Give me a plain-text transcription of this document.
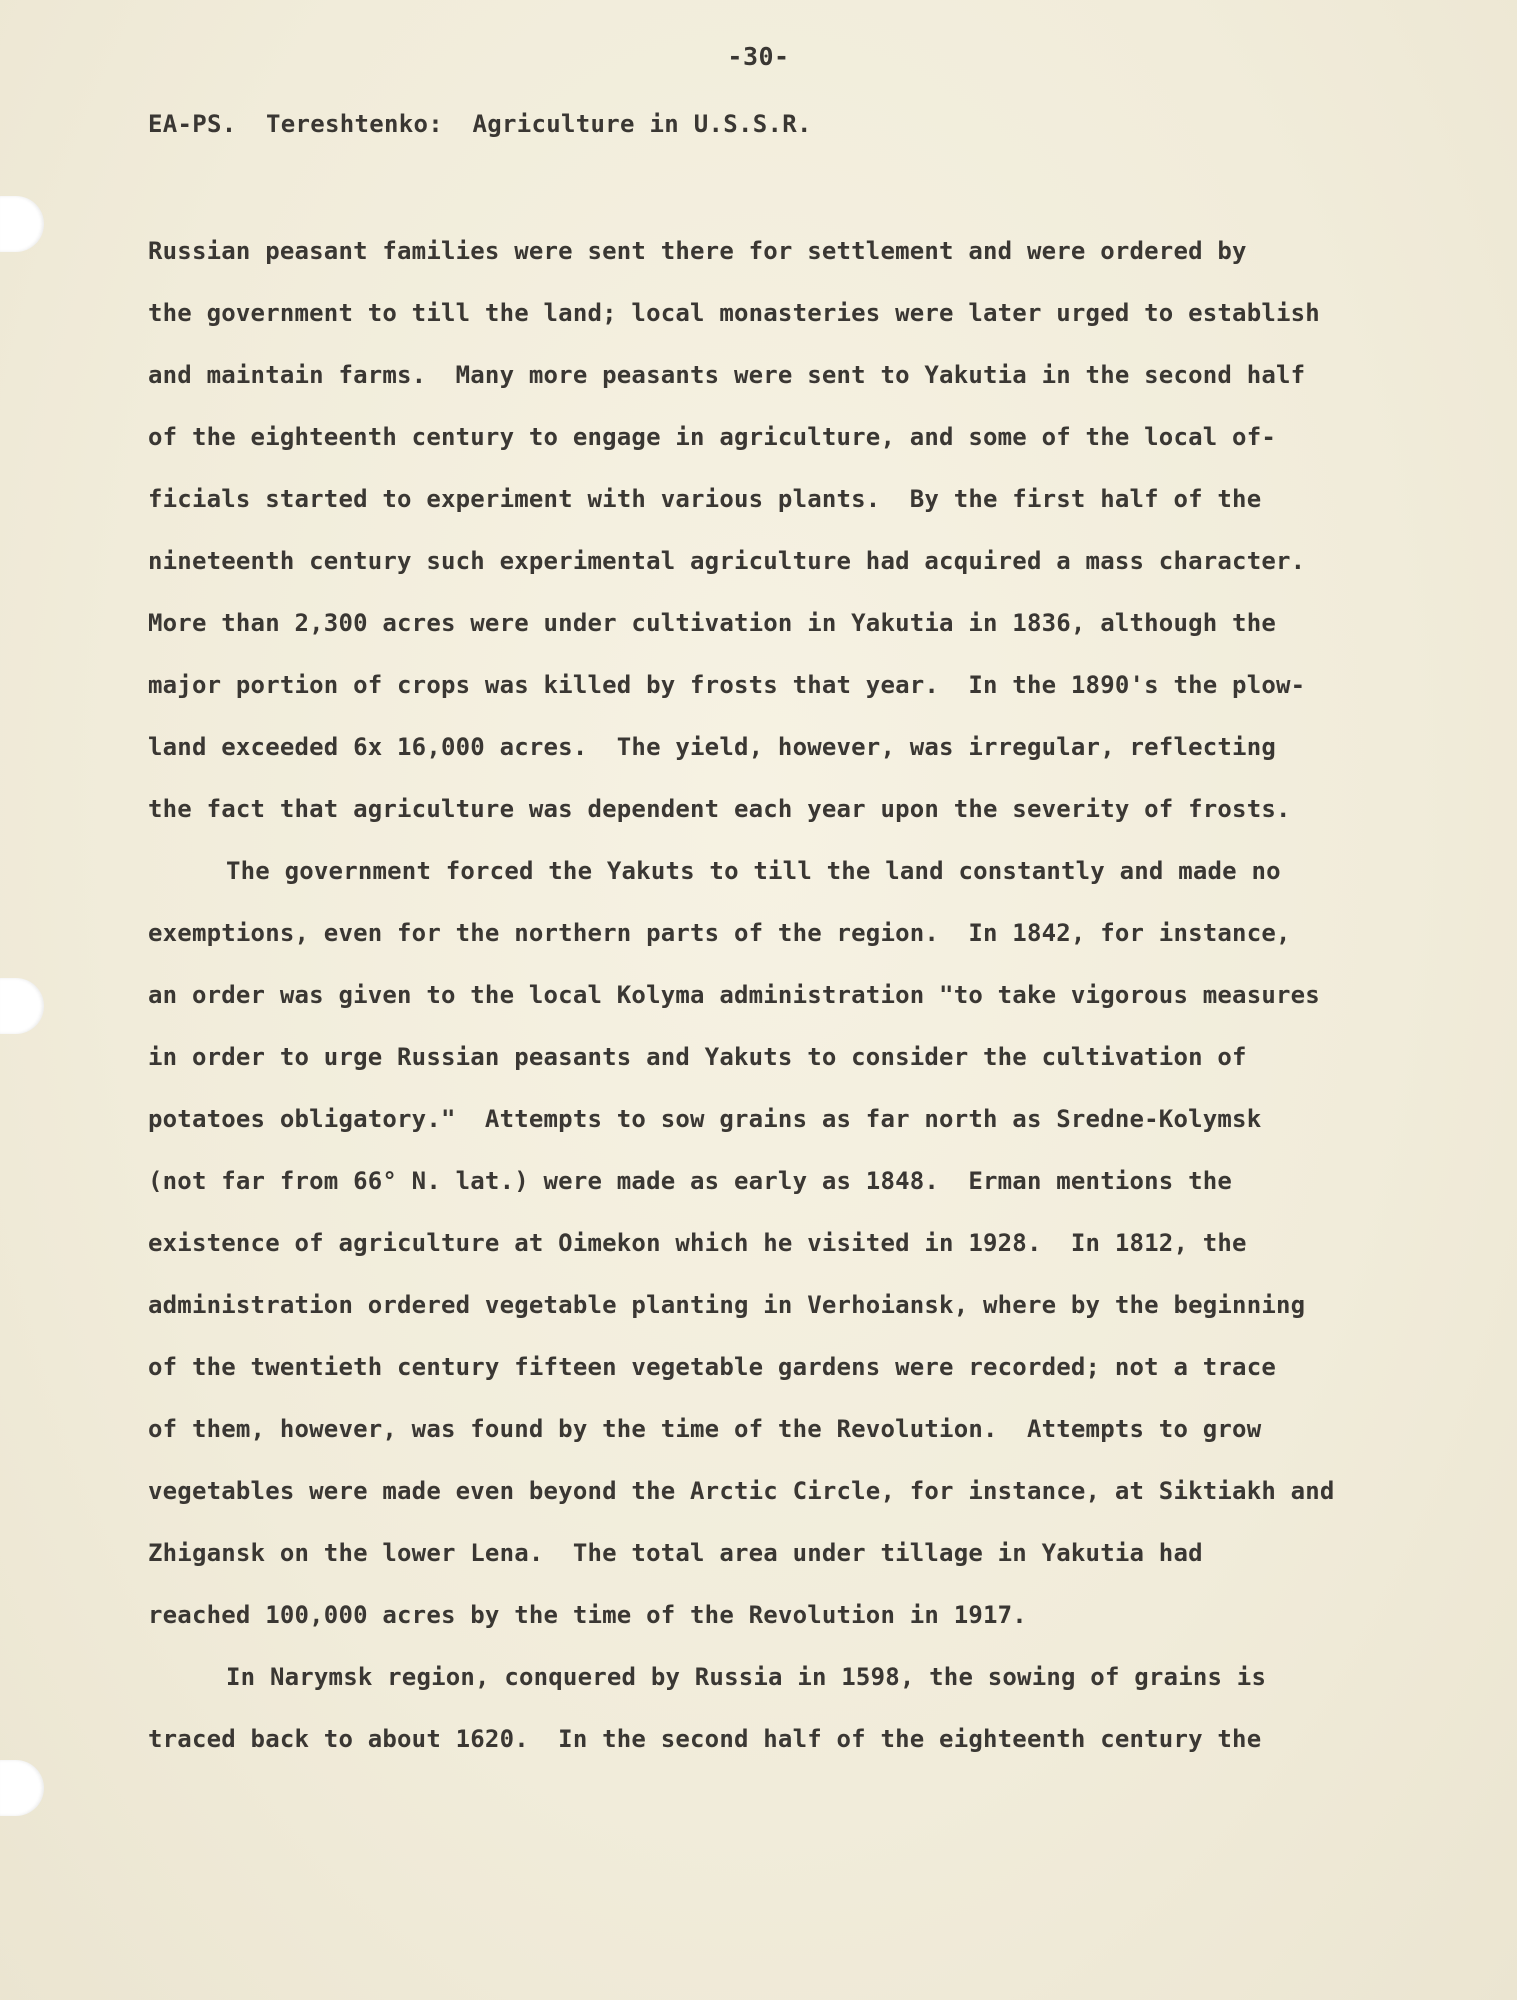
-30-
EA-PS.  Tereshtenko:  Agriculture in U.S.S.R.
Russian peasant families were sent there for settlement and were ordered by
the government to till the land; local monasteries were later urged to establish
and maintain farms.  Many more peasants were sent to Yakutia in the second half
of the eighteenth century to engage in agriculture, and some of the local of-
ficials started to experiment with various plants.  By the first half of the
nineteenth century such experimental agriculture had acquired a mass character.
More than 2,300 acres were under cultivation in Yakutia in 1836, although the
major portion of crops was killed by frosts that year.  In the 1890's the plow-
land exceeded 6x 16,000 acres.  The yield, however, was irregular, reflecting
the fact that agriculture was dependent each year upon the severity of frosts.
The government forced the Yakuts to till the land constantly and made no
exemptions, even for the northern parts of the region.  In 1842, for instance,
an order was given to the local Kolyma administration "to take vigorous measures
in order to urge Russian peasants and Yakuts to consider the cultivation of
potatoes obligatory."  Attempts to sow grains as far north as Sredne-Kolymsk
(not far from 66° N. lat.) were made as early as 1848.  Erman mentions the
existence of agriculture at Oimekon which he visited in 1928.  In 1812, the
administration ordered vegetable planting in Verhoiansk, where by the beginning
of the twentieth century fifteen vegetable gardens were recorded; not a trace
of them, however, was found by the time of the Revolution.  Attempts to grow
vegetables were made even beyond the Arctic Circle, for instance, at Siktiakh and
Zhigansk on the lower Lena.  The total area under tillage in Yakutia had
reached 100,000 acres by the time of the Revolution in 1917.
In Narymsk region, conquered by Russia in 1598, the sowing of grains is
traced back to about 1620.  In the second half of the eighteenth century the
